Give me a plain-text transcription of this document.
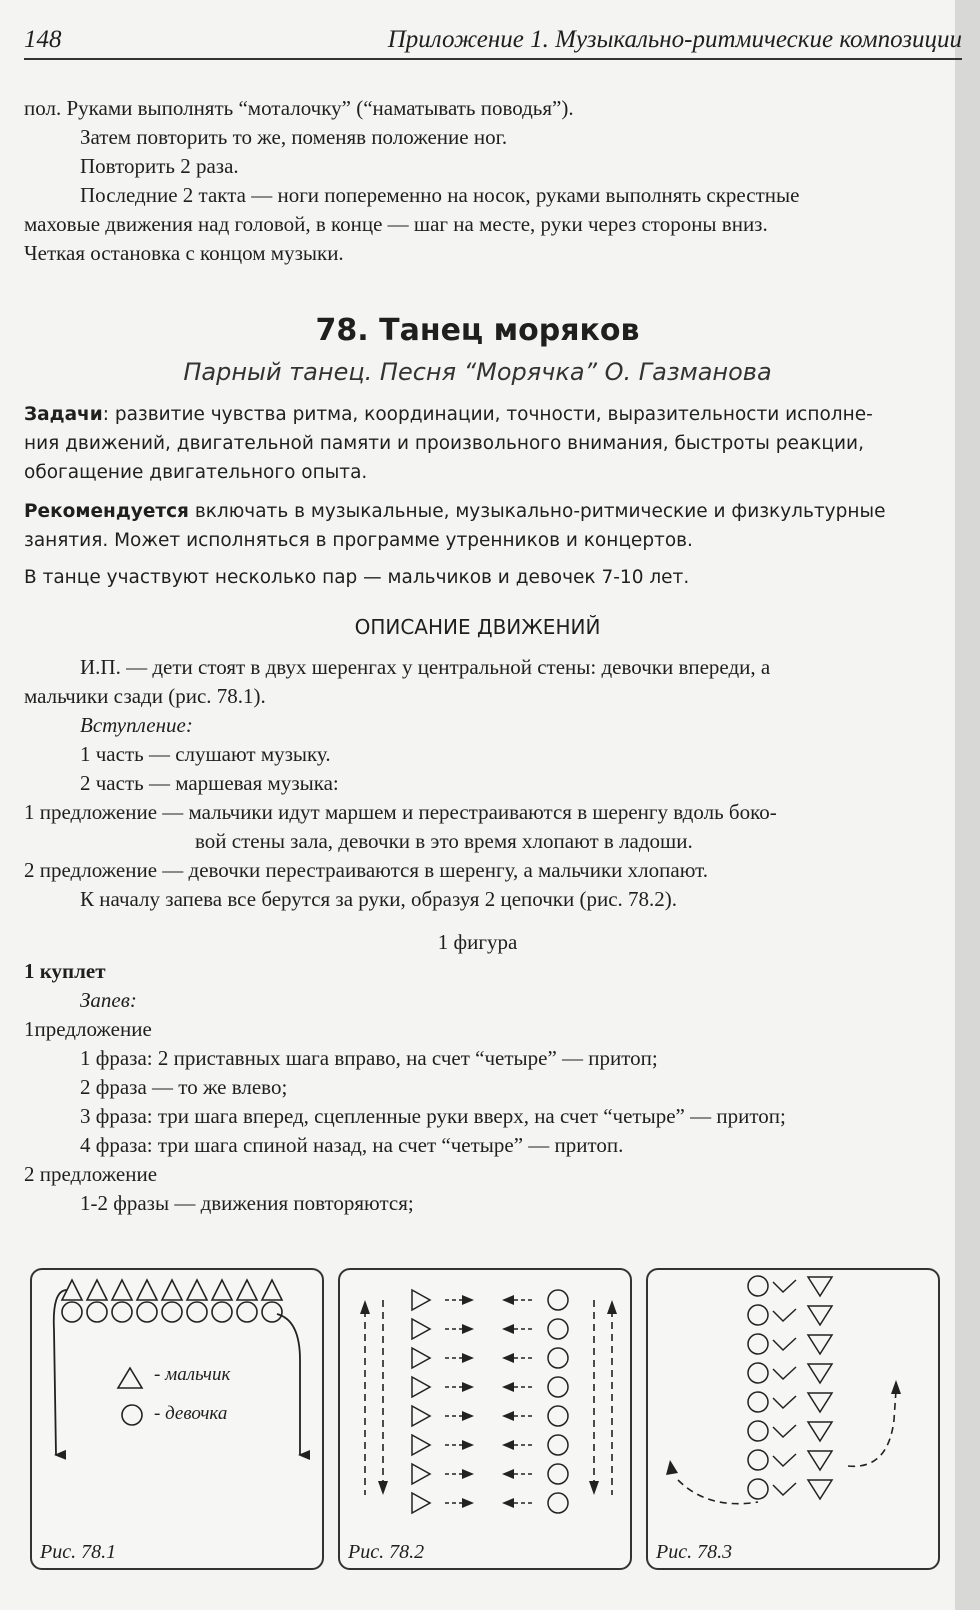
148	Приложение 1. Музыкально-ритмические композиции
пол. Руками выполнять “моталочку” (“наматывать поводья”).
Затем повторить то же, поменяв положение ног.
Повторить 2 раза.
Последние 2 такта — ноги попеременно на носок, руками выполнять скрестные
маховые движения над головой, в конце — шаг на месте, руки через стороны вниз.
Четкая остановка с концом музыки.
78. Танец моряков
Парный танец. Песня “Морячка” О. Газманова
Задачи: развитие чувства ритма, координации, точности, выразительности исполне-
ния движений, двигательной памяти и произвольного внимания, быстроты реакции,
обогащение двигательного опыта.
Рекомендуется включать в музыкальные, музыкально-ритмические и физкультурные
занятия. Может исполняться в программе утренников и концертов.
В танце участвуют несколько пар — мальчиков и девочек 7-10 лет.
ОПИСАНИЕ ДВИЖЕНИЙ
И.П. — дети стоят в двух шеренгах у центральной стены: девочки впереди, а
мальчики сзади (рис. 78.1).
Вступление:
1 часть — слушают музыку.
2 часть — маршевая музыка:
1 предложение — мальчики идут маршем и перестраиваются в шеренгу вдоль боко-
вой стены зала, девочки в это время хлопают в ладоши.
2 предложение — девочки перестраиваются в шеренгу, а мальчики хлопают.
К началу запева все берутся за руки, образуя 2 цепочки (рис. 78.2).
1 фигура
1 куплет
Запев:
1предложение
1 фраза: 2 приставных шага вправо, на счет “четыре” — притоп;
2 фраза — то же влево;
3 фраза: три шага вперед, сцепленные руки вверх, на счет “четыре” — притоп;
4 фраза: три шага спиной назад, на счет “четыре” — притоп.
2 предложение
1-2 фразы — движения повторяются;
- мальчик
- девочка
Рис. 78.1	Рис. 78.2	Рис. 78.3
